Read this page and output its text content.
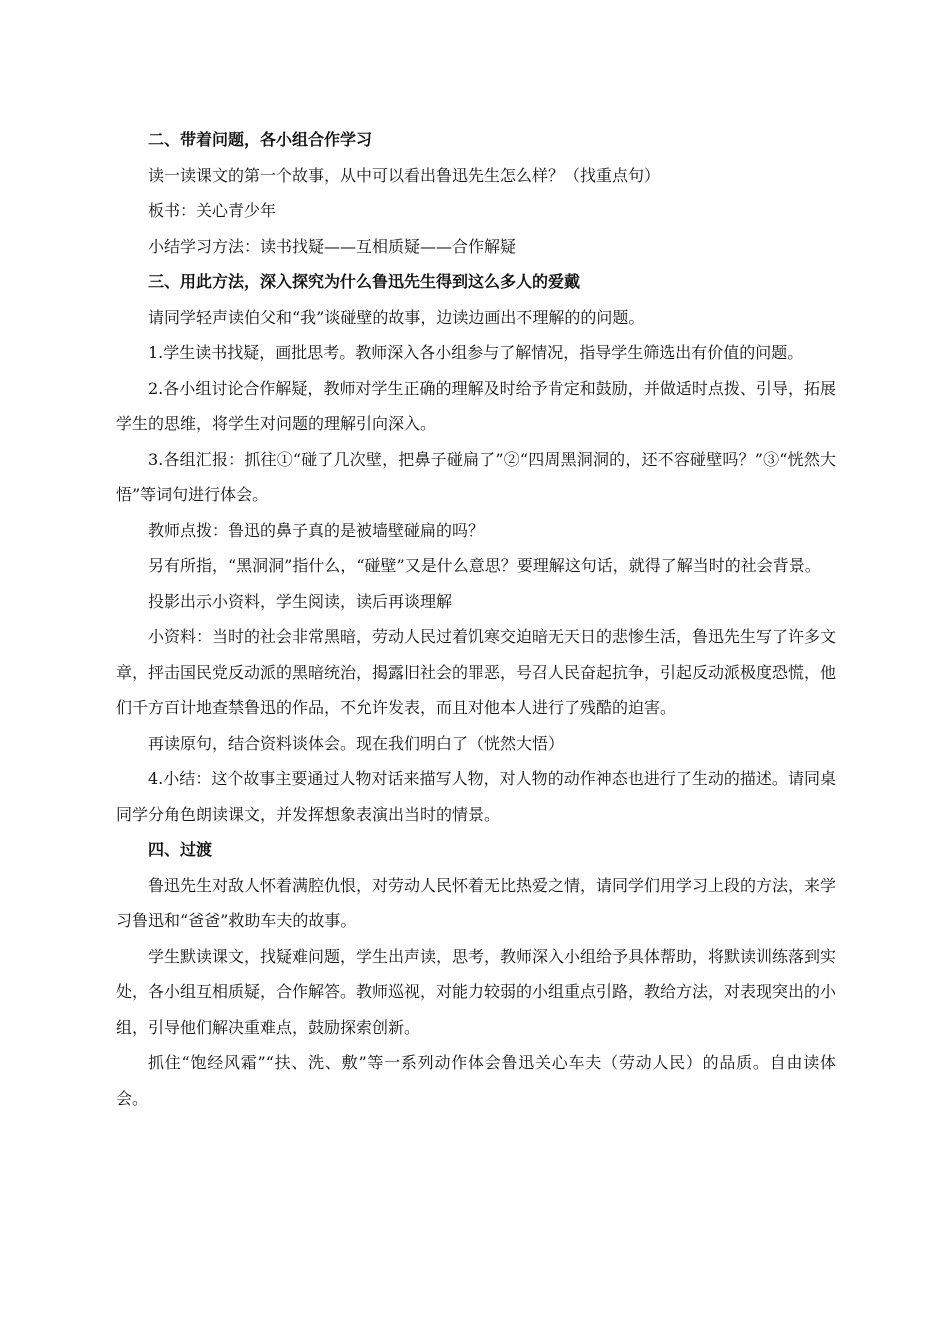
二、带着问题，各小组合作学习

读一读课文的第一个故事，从中可以看出鲁迅先生怎么样？（找重点句）

板书：关心青少年

小结学习方法：读书找疑——互相质疑——合作解疑

三、用此方法，深入探究为什么鲁迅先生得到这么多人的爱戴

请同学轻声读伯父和“我”谈碰壁的故事，边读边画出不理解的的问题。

1.学生读书找疑，画批思考。教师深入各小组参与了解情况，指导学生筛选出有价值的问题。

2.各小组讨论合作解疑，教师对学生正确的理解及时给予肯定和鼓励，并做适时点拨、引导，拓展学生的思维，将学生对问题的理解引向深入。

3.各组汇报：抓往①“碰了几次壁，把鼻子碰扁了”②“四周黑洞洞的，还不容碰壁吗？”③“恍然大悟”等词句进行体会。

教师点拨：鲁迅的鼻子真的是被墙壁碰扁的吗？

另有所指，“黑洞洞”指什么，“碰壁”又是什么意思？要理解这句话，就得了解当时的社会背景。

投影出示小资料，学生阅读，读后再谈理解

小资料：当时的社会非常黑暗，劳动人民过着饥寒交迫暗无天日的悲惨生活，鲁迅先生写了许多文章，抨击国民党反动派的黑暗统治，揭露旧社会的罪恶，号召人民奋起抗争，引起反动派极度恐慌，他们千方百计地查禁鲁迅的作品，不允许发表，而且对他本人进行了残酷的迫害。

再读原句，结合资料谈体会。现在我们明白了（恍然大悟）

4.小结：这个故事主要通过人物对话来描写人物，对人物的动作神态也进行了生动的描述。请同桌同学分角色朗读课文，并发挥想象表演出当时的情景。

四、过渡

鲁迅先生对敌人怀着满腔仇恨，对劳动人民怀着无比热爱之情，请同学们用学习上段的方法，来学习鲁迅和“爸爸”救助车夫的故事。

学生默读课文，找疑难问题，学生出声读，思考，教师深入小组给予具体帮助，将默读训练落到实处，各小组互相质疑，合作解答。教师巡视，对能力较弱的小组重点引路，教给方法，对表现突出的小组，引导他们解决重难点，鼓励探索创新。

抓住“饱经风霜”“扶、洗、敷”等一系列动作体会鲁迅关心车夫（劳动人民）的品质。自由读体会。
